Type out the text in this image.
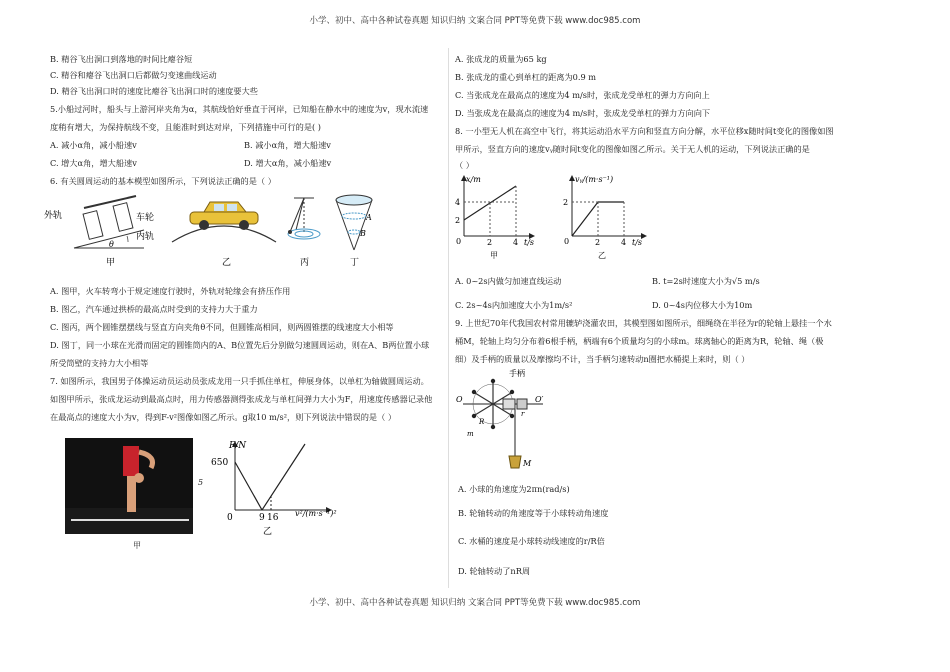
小学、初中、高中各种试卷真题 知识归纳 文案合同 PPT等免费下载 www.doc985.com
B. 精谷飞出洞口到落地的时间比瘪谷短
C. 精谷和瘪谷飞出洞口后都做匀变速曲线运动
D. 精谷飞出洞口时的速度比瘪谷飞出洞口时的速度要大些
5.小船过河时，船头与上游河岸夹角为α，其航线恰好垂直于河岸，已知船在静水中的速度为v，现水流速
度稍有增大，为保持航线不变，且能准时到达对岸，下列措施中可行的是( )
A. 减小α角，减小船速v	B. 减小α角，增大船速v
C. 增大α角，增大船速v	D. 增大α角，减小船速v
6. 有关圆周运动的基本模型如图所示，下列说法正确的是（ ）
外轨	车轮
内轨
θ
甲	乙	丙
A
B
丁
A. 图甲，火车转弯小于规定速度行驶时，外轨对轮缘会有挤压作用
B. 图乙，汽车通过拱桥的最高点时受到的支持力大于重力
C. 图丙，两个圆锥摆摆线与竖直方向夹角θ不同，但圆锥高相同，则两圆锥摆的线速度大小相等
D. 图丁，同一小球在光滑而固定的圆锥筒内的A、B位置先后分别做匀速圆周运动，则在A、B两位置小球
所受筒壁的支持力大小相等
7. 如图所示，我国男子体操运动员运动员张成龙用一只手抓住单杠，伸展身体，以单杠为轴做圆周运动。
如图甲所示，张成龙运动到最高点时，用力传感器测得张成龙与单杠间弹力大小为F，用速度传感器记录他
在最高点的速度大小为v，得到F-v²图像如图乙所示。g取10 m/s²，则下列说法中错误的是（ ）
甲
5
F/N
650
0	9 16 v²/(m·s⁻¹)²
乙
A. 张成龙的质量为65 kg
B. 张成龙的重心到单杠的距离为0.9 m
C. 当张成龙在最高点的速度为4 m/s时，张成龙受单杠的弹力方向向上
D. 当张成龙在最高点的速度为4 m/s时，张成龙受单杠的弹力方向向下
8. 一小型无人机在高空中飞行，将其运动沿水平方向和竖直方向分解，水平位移x随时间t变化的图像如图
甲所示，竖直方向的速度vᵧ随时间t变化的图像如图乙所示。关于无人机的运动，下列说法正确的是
（ ）
x/m
4
2
0	2	4 t/s
甲
vᵧ/(m·s⁻¹)
2
0	2	4 t/s
乙
A. 0~2s内做匀加速直线运动	B. t=2s时速度大小为√5 m/s
C. 2s~4s内加速度大小为1m/s²	D. 0~4s内位移大小为10m
9. 上世纪70年代我国农村常用辘轳浇灌农田，其模型图如图所示，细绳绕在半径为r的轮轴上悬挂一个水
桶M，轮轴上均匀分布着6根手柄，柄端有6个质量均匀的小球m。球离轴心的距离为R，轮轴、绳（极
细）及手柄的质量以及摩擦均不计，当手柄匀速转动n圈把水桶提上来时，则（ ）
手柄
O	O′
r
R
m
M
A. 小球的角速度为2πn(rad/s)
B. 轮轴转动的角速度等于小球转动角速度
C. 水桶的速度是小球转动线速度的r/R倍
D. 轮轴转动了nR周
小学、初中、高中各种试卷真题 知识归纳 文案合同 PPT等免费下载 www.doc985.com
